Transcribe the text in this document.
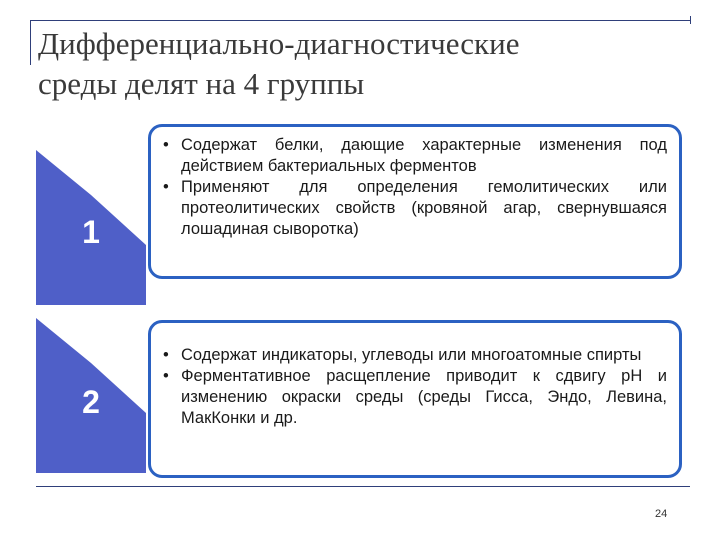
Дифференциально-диагностические
среды делят на 4 группы
1
• Содержат белки, дающие характерные изменения под действием бактериальных ферментов
• Применяют для определения гемолитических или протеолитических свойств (кровяной агар, свернувшаяся лошадиная сыворотка)
2
• Содержат индикаторы, углеводы или многоатомные спирты
• Ферментативное расщепление приводит к сдвигу pH и изменению окраски среды (среды Гисса, Эндо, Левина, МакКонки и др.
24
